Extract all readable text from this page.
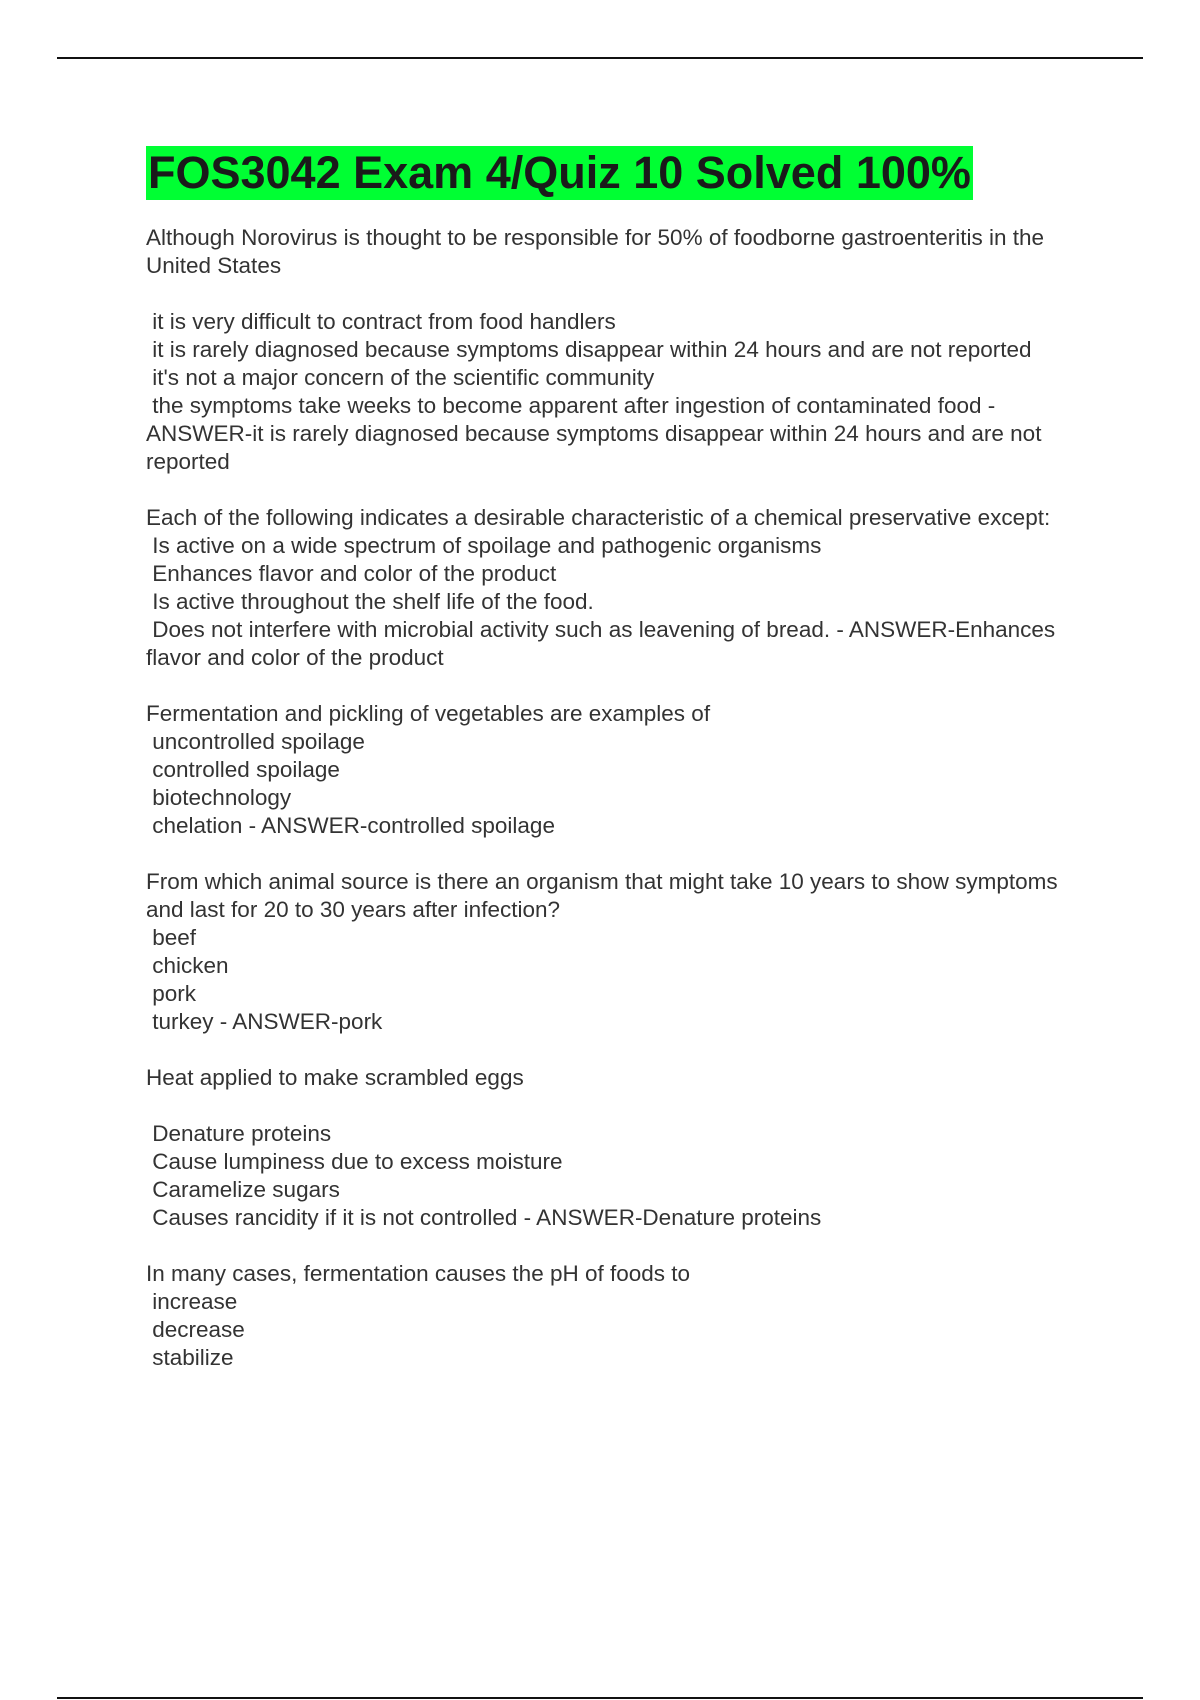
FOS3042 Exam 4/Quiz 10 Solved 100%

Although Norovirus is thought to be responsible for 50% of foodborne gastroenteritis in the United States

it is very difficult to contract from food handlers

it is rarely diagnosed because symptoms disappear within 24 hours and are not reported

it's not a major concern of the scientific community

the symptoms take weeks to become apparent after ingestion of contaminated food - ANSWER-it is rarely diagnosed because symptoms disappear within 24 hours and are not reported

Each of the following indicates a desirable characteristic of a chemical preservative except:

Is active on a wide spectrum of spoilage and pathogenic organisms

Enhances flavor and color of the product

Is active throughout the shelf life of the food.

Does not interfere with microbial activity such as leavening of bread. - ANSWER-Enhances flavor and color of the product

Fermentation and pickling of vegetables are examples of

uncontrolled spoilage

controlled spoilage

biotechnology

chelation - ANSWER-controlled spoilage

From which animal source is there an organism that might take 10 years to show symptoms and last for 20 to 30 years after infection?

beef

chicken

pork

turkey - ANSWER-pork

Heat applied to make scrambled eggs

Denature proteins

Cause lumpiness due to excess moisture

Caramelize sugars

Causes rancidity if it is not controlled - ANSWER-Denature proteins

In many cases, fermentation causes the pH of foods to

increase

decrease

stabilize
